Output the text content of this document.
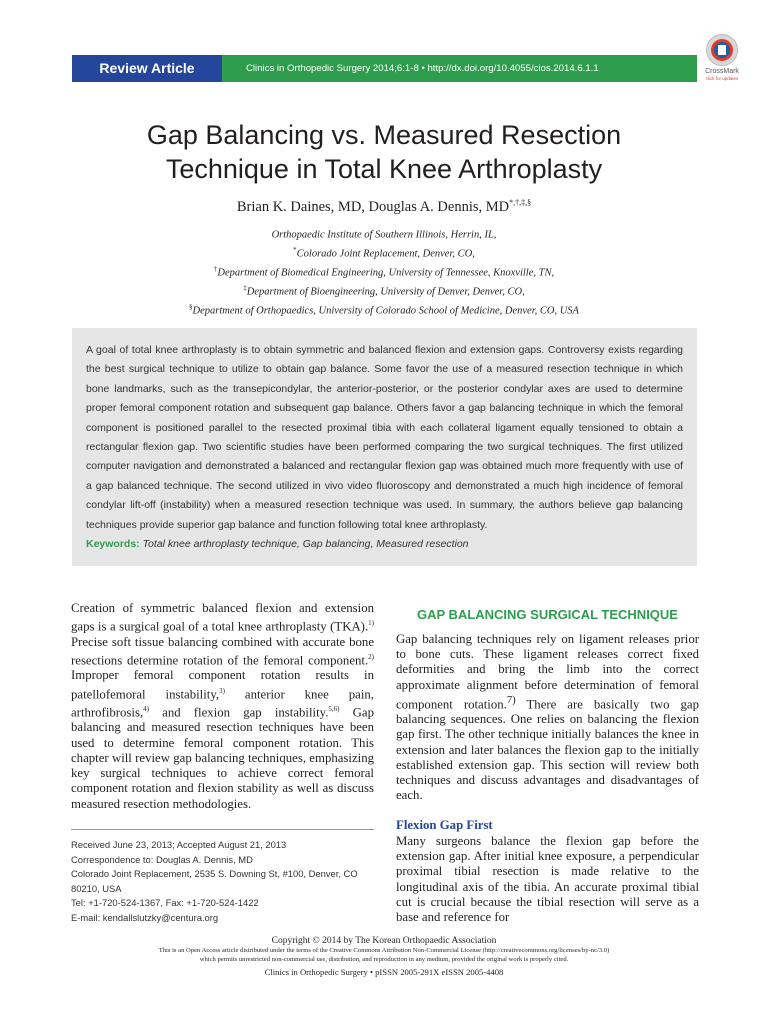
Review Article	Clinics in Orthopedic Surgery 2014;6:1-8 • http://dx.doi.org/10.4055/cios.2014.6.1.1	CrossMark
click for updates
Gap Balancing vs. Measured Resection
Technique in Total Knee Arthroplasty
Brian K. Daines, MD, Douglas A. Dennis, MD*,†,‡,§
Orthopaedic Institute of Southern Illinois, Herrin, IL,
*Colorado Joint Replacement, Denver, CO,
†Department of Biomedical Engineering, University of Tennessee, Knoxville, TN,
‡Department of Bioengineering, University of Denver, Denver, CO,
§Department of Orthopaedics, University of Colorado School of Medicine, Denver, CO, USA
A goal of total knee arthroplasty is to obtain symmetric and balanced flexion and extension gaps. Controversy exists regarding the best surgical technique to utilize to obtain gap balance. Some favor the use of a measured resection technique in which bone landmarks, such as the transepicondylar, the anterior-posterior, or the posterior condylar axes are used to determine proper femoral component rotation and subsequent gap balance. Others favor a gap balancing technique in which the femoral component is positioned parallel to the resected proximal tibia with each collateral ligament equally tensioned to obtain a rectangular flexion gap. Two scientific studies have been performed comparing the two surgical techniques. The first utilized computer navigation and demonstrated a balanced and rectangular flexion gap was obtained much more frequently with use of a gap balanced technique. The second utilized in vivo video fluoroscopy and demonstrated a much high incidence of femoral condylar lift-off (instability) when a measured resection technique was used. In summary, the authors believe gap balancing techniques provide superior gap balance and function following total knee arthroplasty.
Keywords: Total knee arthroplasty technique, Gap balancing, Measured resection
Creation of symmetric balanced flexion and extension gaps is a surgical goal of a total knee arthroplasty (TKA).$^{1)}$ Precise soft tissue balancing combined with accurate bone resections determine rotation of the femoral component.$^{2)}$ Improper femoral component rotation results in patellofemoral instability,$^{3)}$ anterior knee pain, arthrofibrosis,$^{4)}$ and flexion gap instability.$^{5,6)}$ Gap balancing and measured resection techniques have been used to determine femoral component rotation. This chapter will review gap balancing techniques, emphasizing key surgical techniques to achieve correct femoral component rotation and flexion stability as well as discuss measured resection methodologies.
Received June 23, 2013; Accepted August 21, 2013
Correspondence to: Douglas A. Dennis, MD
Colorado Joint Replacement, 2535 S. Downing St, #100, Denver, CO 80210, USA
Tel: +1-720-524-1367, Fax: +1-720-524-1422
E-mail: kendallslutzky@centura.org
GAP BALANCING SURGICAL TECHNIQUE
Gap balancing techniques rely on ligament releases prior to bone cuts. These ligament releases correct fixed deformities and bring the limb into the correct approximate alignment before determination of femoral component rotation.$^{7)}$ There are basically two gap balancing sequences. One relies on balancing the flexion gap first. The other technique initially balances the knee in extension and later balances the flexion gap to the initially established extension gap. This section will review both techniques and discuss advantages and disadvantages of each.
Flexion Gap First
Many surgeons balance the flexion gap before the extension gap. After initial knee exposure, a perpendicular proximal tibial resection is made relative to the longitudinal axis of the tibia. An accurate proximal tibial cut is crucial because the tibial resection will serve as a base and reference for
Copyright © 2014 by The Korean Orthopaedic Association
This is an Open Access article distributed under the terms of the Creative Commons Attribution Non-Commercial License (http://creativecommons.org/licenses/by-nc/3.0)
which permits unrestricted non-commercial use, distribution, and reproduction in any medium, provided the original work is properly cited.
Clinics in Orthopedic Surgery • pISSN 2005-291X eISSN 2005-4408
